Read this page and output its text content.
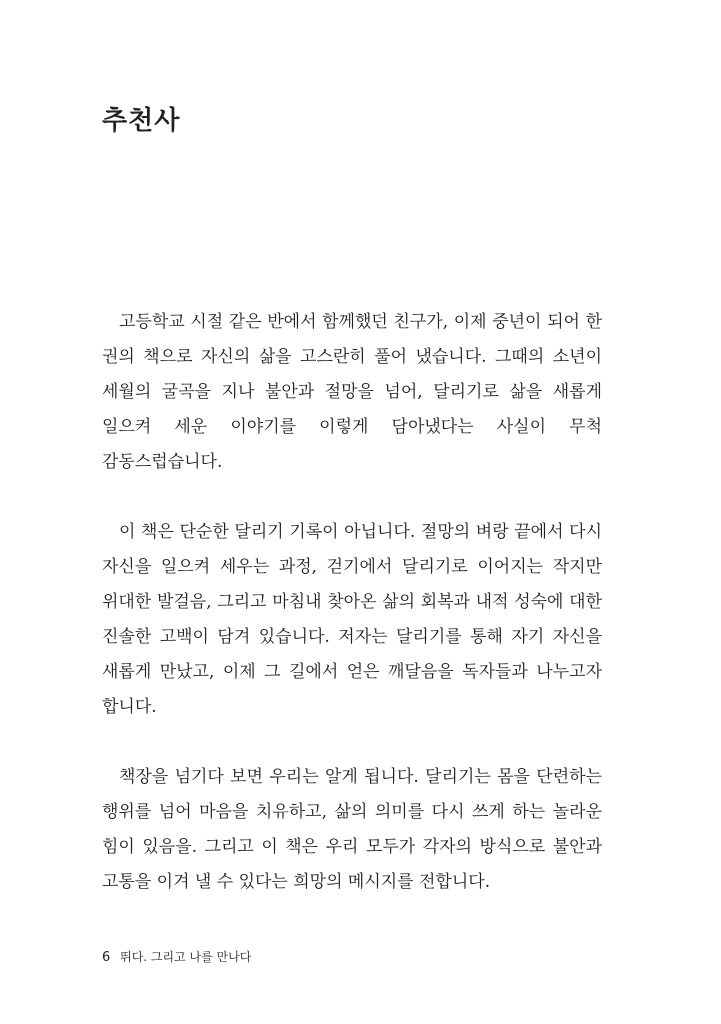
추천사

고등학교 시절 같은 반에서 함께했던 친구가, 이제 중년이 되어 한 권의 책으로 자신의 삶을 고스란히 풀어 냈습니다. 그때의 소년이 세월의 굴곡을 지나 불안과 절망을 넘어, 달리기로 삶을 새롭게 일으켜 세운 이야기를 이렇게 담아냈다는 사실이 무척 감동스럽습니다.

이 책은 단순한 달리기 기록이 아닙니다. 절망의 벼랑 끝에서 다시 자신을 일으켜 세우는 과정, 걷기에서 달리기로 이어지는 작지만 위대한 발걸음, 그리고 마침내 찾아온 삶의 회복과 내적 성숙에 대한 진솔한 고백이 담겨 있습니다. 저자는 달리기를 통해 자기 자신을 새롭게 만났고, 이제 그 길에서 얻은 깨달음을 독자들과 나누고자 합니다.

책장을 넘기다 보면 우리는 알게 됩니다. 달리기는 몸을 단련하는 행위를 넘어 마음을 치유하고, 삶의 의미를 다시 쓰게 하는 놀라운 힘이 있음을. 그리고 이 책은 우리 모두가 각자의 방식으로 불안과 고통을 이겨 낼 수 있다는 희망의 메시지를 전합니다.

6 뛰다. 그리고 나를 만나다
